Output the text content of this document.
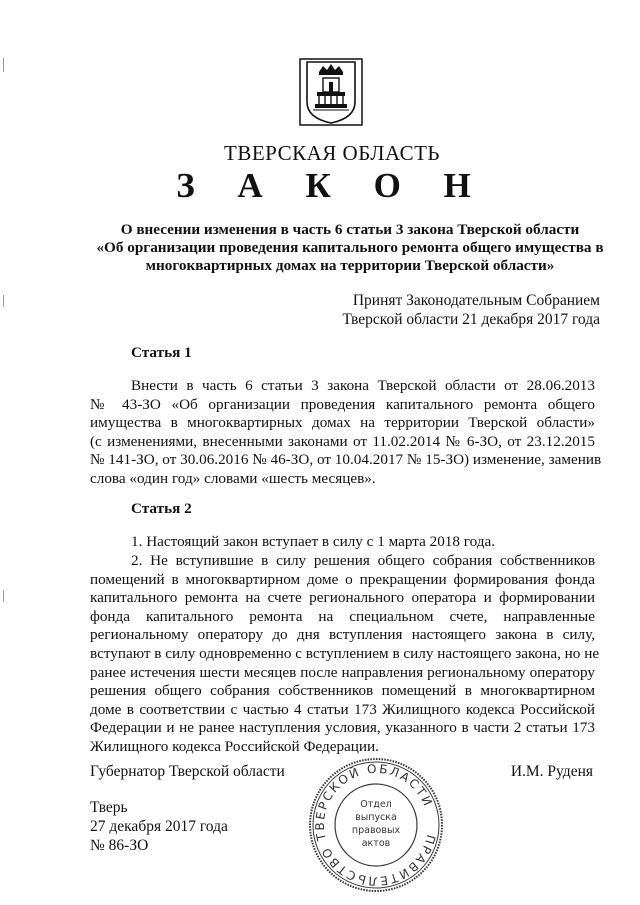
ТВЕРСКАЯ ОБЛАСТЬ
З А К О Н
О внесении изменения в часть 6 статьи 3 закона Тверской области
«Об организации проведения капитального ремонта общего имущества в
многоквартирных домах на территории Тверской области»
Принят Законодательным Собранием
Тверской области 21 декабря 2017 года
Статья 1
Внести в часть 6 статьи 3 закона Тверской области от 28.06.2013
№ 43-ЗО «Об организации проведения капитального ремонта общего
имущества в многоквартирных домах на территории Тверской области»
(с изменениями, внесенными законами от 11.02.2014 № 6-ЗО, от 23.12.2015
№ 141-ЗО, от 30.06.2016 № 46-ЗО, от 10.04.2017 № 15-ЗО) изменение, заменив
слова «один год» словами «шесть месяцев».
Статья 2
1. Настоящий закон вступает в силу с 1 марта 2018 года.
2. Не вступившие в силу решения общего собрания собственников
помещений в многоквартирном доме о прекращении формирования фонда
капитального ремонта на счете регионального оператора и формировании
фонда капитального ремонта на специальном счете, направленные
региональному оператору до дня вступления настоящего закона в силу,
вступают в силу одновременно с вступлением в силу настоящего закона, но не
ранее истечения шести месяцев после направления региональному оператору
решения общего собрания собственников помещений в многоквартирном
доме в соответствии с частью 4 статьи 173 Жилищного кодекса Российской
Федерации и не ранее наступления условия, указанного в части 2 статьи 173
Жилищного кодекса Российской Федерации.
Губернатор Тверской области	И.М. Руденя
Тверь
27 декабря 2017 года
№ 86-ЗО	ПРАВИТЕЛЬСТВО ТВЕРСКОЙ ОБЛАСТИ
Отдел
выпуска
правовых
актов
